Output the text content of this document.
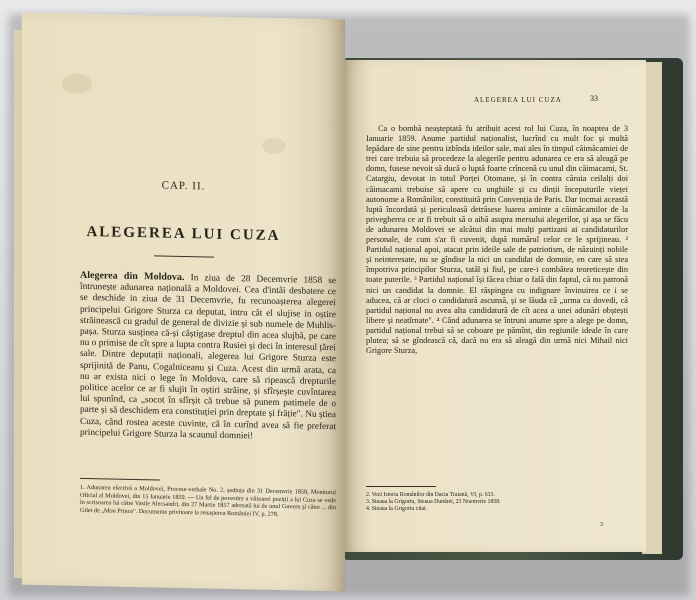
CAP. II.
ALEGEREA LUI CUZA
Alegerea din Moldova. In ziua de 28 Decemvrie 1858 se întrunește adunarea națională a Moldovei. Cea d'intâi desbatere ce se deschide in ziua de 31 Decemvrie, fu recunoașterea alegerei principelui Grigore Sturza ca deputat, intru cât el slujise in oștire străinească cu gradul de general de divizie și sub numele de Muhlis-pașa. Sturza susținea că-și câștigase dreptul din acea slujbă, pe care nu o primise de cît spre a lupta contra Rusiei și deci în interesul țărei sale. Dintre deputații naționali, alegerea lui Grigore Sturza este sprijinită de Panu, Cogalniceanu și Cuza. Acest din urmă arata, ca nu ar exista nici o lege în Moldova, care să ripească drepturile politice acelor ce ar fi slujit în oștiri străine, și sfîrșește cuvîntarea lui spunînd, ca „socot în sfîrșit că trebue să punem patimele de o parte și să deschidem era constituției prin dreptate și frăție". Nu știea Cuza, când rostea aceste cuvinte, că în curînd avea să fie preferat principelui Grigore Sturza la scaunul domniei!
1. Adunarea electivă a Moldovei, Procese-verbale No. 2, ședința din 31 Decemvrie 1858, Monitorul Oficial al Moldovei, din 15 Ianuarie 1859. — Un fel de povestire a viitoarei poziții a lui Cuza se vede în scrisoarea lui către Vasile Alecsandri, din 27 Martie 1857 adresată lui de unul Guvern și către ... din Gilet de „Mon Prince". Documente privitoare la renașterea României IV, p. 278.
ALEGEREA LUI CUZA	33

Ca o bombă neașteptată fu atribuit acest rol lui Cuza, în noaptea de 3 Ianuarie 1859. Anume partidul naționalist, lucrînd cu mult foc și multă lepădare de sine pentru izbînda ideilor sale, mai ales în timpul căimăcamiei de trei care trebuia să procedeze la alegerile pentru adunarea ce era să aleagă pe domn, fusese nevoit să ducă o luptă foarte crîncenă cu unul din căimacami, St. Catargiu, devotat in totul Porței Otomane, și în contra căruia ceilalți doi căimacami trebuise să apere cu unghiile și cu dinții începuturile vieței autonome a Românilor, constituită prin Convenția de Paris. Dar tocmai această luptă încordată și periculoasă detrăsese luarea aminte a căimăcamilor de la privegherea ce ar fi trebuit să o aibă asupra mersului alegerilor, și așa se făcu de adunarea Moldovei se alcătui din mai mulți partizani ai candidaturilor personale, de cum s'ar fi cuvenit, după numărul celor ce le sprijineau. ² Partidul național apoi, atacat prin ideile sale de patriotism, de năzuinți nobile și neinteresate, nu se gîndise la nici un candidat de domnie, en care să stea împotriva principilor Sturza, tatăl și fiul, pe care-i combătea teoreticește din toate puterile. ³ Partidul național își făcea chiar o fală din faptul, că nu patronă nici un candidat la domnie. El răspingea cu indignare învinuirea ce i se aducea, că ar cloci o candidatură ascunsă, și se lăuda că „urma ca dovedi, că partidul național nu avea alta candidatură de cît acea a unei adunări obștești libere și neatîrnate". ⁴ Când adunarea se întruni anume spre a alege pe domn, partidul național trebui să se coboare pe pămînt, din regiunile ideale în care plutea; să se gîndească că, dacă nu era să aleagă din urmă nici Mihail nici Grigore Sturza,

2. Vezi Istoria Românilor din Dacia Traiană, VI, p. 633.
3. Steaua la Grigoriu, Steaua Dunărei, 23 Noemvrie 1858.
4. Steaua la Grigoriu citat.
3
